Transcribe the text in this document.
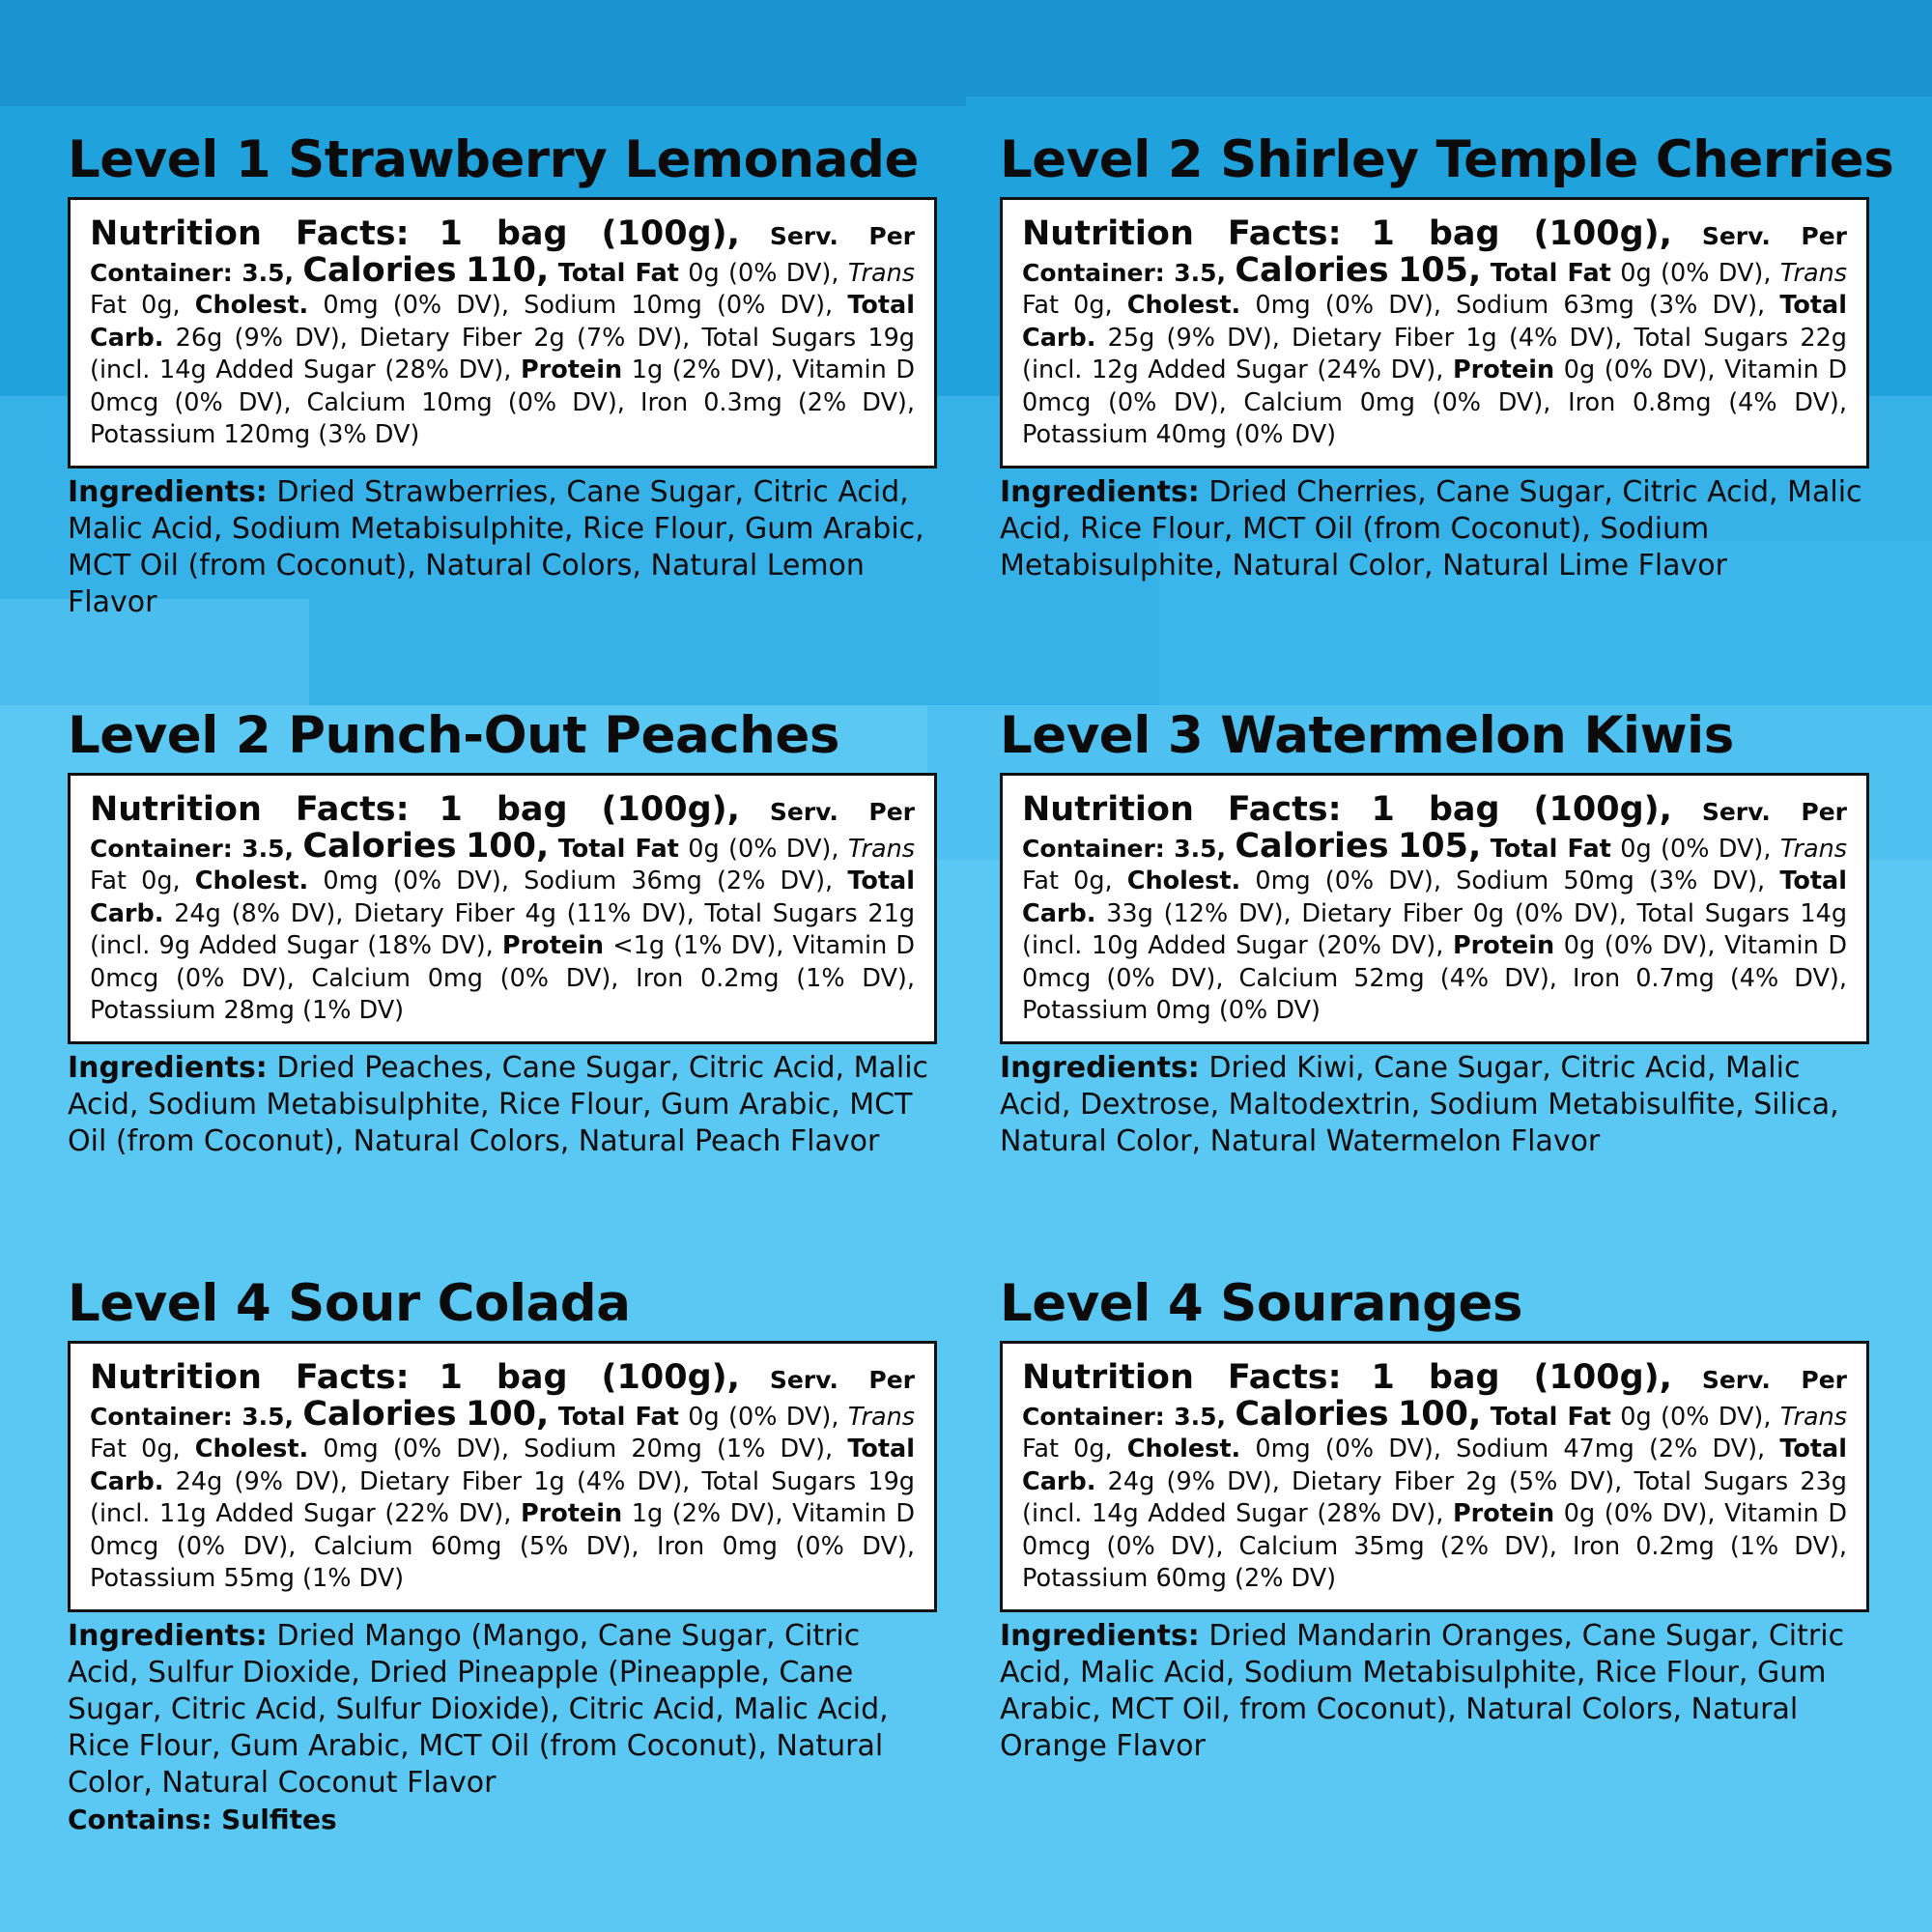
Level 1 Strawberry Lemonade
Nutrition Facts: 1 bag (100g), Serv. Per Container: 3.5, Calories 110, Total Fat 0g (0% DV), Trans Fat 0g, Cholest. 0mg (0% DV), Sodium 10mg (0% DV), Total Carb. 26g (9% DV), Dietary Fiber 2g (7% DV), Total Sugars 19g (incl. 14g Added Sugar (28% DV), Protein 1g (2% DV), Vitamin D 0mcg (0% DV), Calcium 10mg (0% DV), Iron 0.3mg (2% DV), Potassium 120mg (3% DV)
Ingredients: Dried Strawberries, Cane Sugar, Citric Acid, Malic Acid, Sodium Metabisulphite, Rice Flour, Gum Arabic, MCT Oil (from Coconut), Natural Colors, Natural Lemon Flavor
Level 2 Shirley Temple Cherries
Nutrition Facts: 1 bag (100g), Serv. Per Container: 3.5, Calories 105, Total Fat 0g (0% DV), Trans Fat 0g, Cholest. 0mg (0% DV), Sodium 63mg (3% DV), Total Carb. 25g (9% DV), Dietary Fiber 1g (4% DV), Total Sugars 22g (incl. 12g Added Sugar (24% DV), Protein 0g (0% DV), Vitamin D 0mcg (0% DV), Calcium 0mg (0% DV), Iron 0.8mg (4% DV), Potassium 40mg (0% DV)
Ingredients: Dried Cherries, Cane Sugar, Citric Acid, Malic Acid, Rice Flour, MCT Oil (from Coconut), Sodium Metabisulphite, Natural Color, Natural Lime Flavor
Level 2 Punch-Out Peaches
Nutrition Facts: 1 bag (100g), Serv. Per Container: 3.5, Calories 100, Total Fat 0g (0% DV), Trans Fat 0g, Cholest. 0mg (0% DV), Sodium 36mg (2% DV), Total Carb. 24g (8% DV), Dietary Fiber 4g (11% DV), Total Sugars 21g (incl. 9g Added Sugar (18% DV), Protein <1g (1% DV), Vitamin D 0mcg (0% DV), Calcium 0mg (0% DV), Iron 0.2mg (1% DV), Potassium 28mg (1% DV)
Ingredients: Dried Peaches, Cane Sugar, Citric Acid, Malic Acid, Sodium Metabisulphite, Rice Flour, Gum Arabic, MCT Oil (from Coconut), Natural Colors, Natural Peach Flavor
Level 3 Watermelon Kiwis
Nutrition Facts: 1 bag (100g), Serv. Per Container: 3.5, Calories 105, Total Fat 0g (0% DV), Trans Fat 0g, Cholest. 0mg (0% DV), Sodium 50mg (3% DV), Total Carb. 33g (12% DV), Dietary Fiber 0g (0% DV), Total Sugars 14g (incl. 10g Added Sugar (20% DV), Protein 0g (0% DV), Vitamin D 0mcg (0% DV), Calcium 52mg (4% DV), Iron 0.7mg (4% DV), Potassium 0mg (0% DV)
Ingredients: Dried Kiwi, Cane Sugar, Citric Acid, Malic Acid, Dextrose, Maltodextrin, Sodium Metabisulfite, Silica, Natural Color, Natural Watermelon Flavor
Level 4 Sour Colada
Nutrition Facts: 1 bag (100g), Serv. Per Container: 3.5, Calories 100, Total Fat 0g (0% DV), Trans Fat 0g, Cholest. 0mg (0% DV), Sodium 20mg (1% DV), Total Carb. 24g (9% DV), Dietary Fiber 1g (4% DV), Total Sugars 19g (incl. 11g Added Sugar (22% DV), Protein 1g (2% DV), Vitamin D 0mcg (0% DV), Calcium 60mg (5% DV), Iron 0mg (0% DV), Potassium 55mg (1% DV)
Ingredients: Dried Mango (Mango, Cane Sugar, Citric Acid, Sulfur Dioxide, Dried Pineapple (Pineapple, Cane Sugar, Citric Acid, Sulfur Dioxide), Citric Acid, Malic Acid, Rice Flour, Gum Arabic, MCT Oil (from Coconut), Natural Color, Natural Coconut Flavor
Contains: Sulfites
Level 4 Souranges
Nutrition Facts: 1 bag (100g), Serv. Per Container: 3.5, Calories 100, Total Fat 0g (0% DV), Trans Fat 0g, Cholest. 0mg (0% DV), Sodium 47mg (2% DV), Total Carb. 24g (9% DV), Dietary Fiber 2g (5% DV), Total Sugars 23g (incl. 14g Added Sugar (28% DV), Protein 0g (0% DV), Vitamin D 0mcg (0% DV), Calcium 35mg (2% DV), Iron 0.2mg (1% DV), Potassium 60mg (2% DV)
Ingredients: Dried Mandarin Oranges, Cane Sugar, Citric Acid, Malic Acid, Sodium Metabisulphite, Rice Flour, Gum Arabic, MCT Oil, from Coconut), Natural Colors, Natural Orange Flavor
